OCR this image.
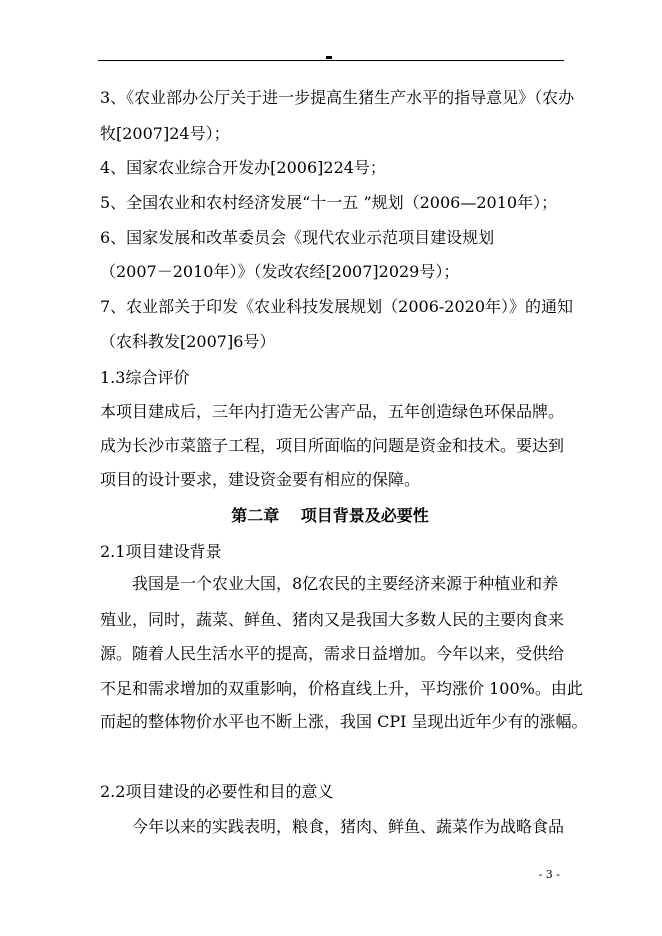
3、《农业部办公厅关于进一步提高生猪生产水平的指导意见》（农办
牧[2007]24号）；
4、国家农业综合开发办[2006]224号；
5、全国农业和农村经济发展“十一五 ”规划（2006—2010年）；
6、国家发展和改革委员会《现代农业示范项目建设规划
（2007－2010年）》（发改农经[2007]2029号）；
7、农业部关于印发《农业科技发展规划（2006-2020年）》的通知
（农科教发[2007]6号）
1.3综合评价
本项目建成后，三年内打造无公害产品，五年创造绿色环保品牌。
成为长沙市菜篮子工程，项目所面临的问题是资金和技术。要达到
项目的设计要求，建设资金要有相应的保障。
第二章　 项目背景及必要性
2.1项目建设背景
我国是一个农业大国，8亿农民的主要经济来源于种植业和养
殖业，同时，蔬菜、鲜鱼、猪肉又是我国大多数人民的主要肉食来
源。随着人民生活水平的提高，需求日益增加。今年以来，受供给
不足和需求增加的双重影响，价格直线上升，平均涨价 100%。由此
而起的整体物价水平也不断上涨，我国 CPI 呈现出近年少有的涨幅。
2.2项目建设的必要性和目的意义
今年以来的实践表明，粮食，猪肉、鲜鱼、蔬菜作为战略食品
- 3 -
